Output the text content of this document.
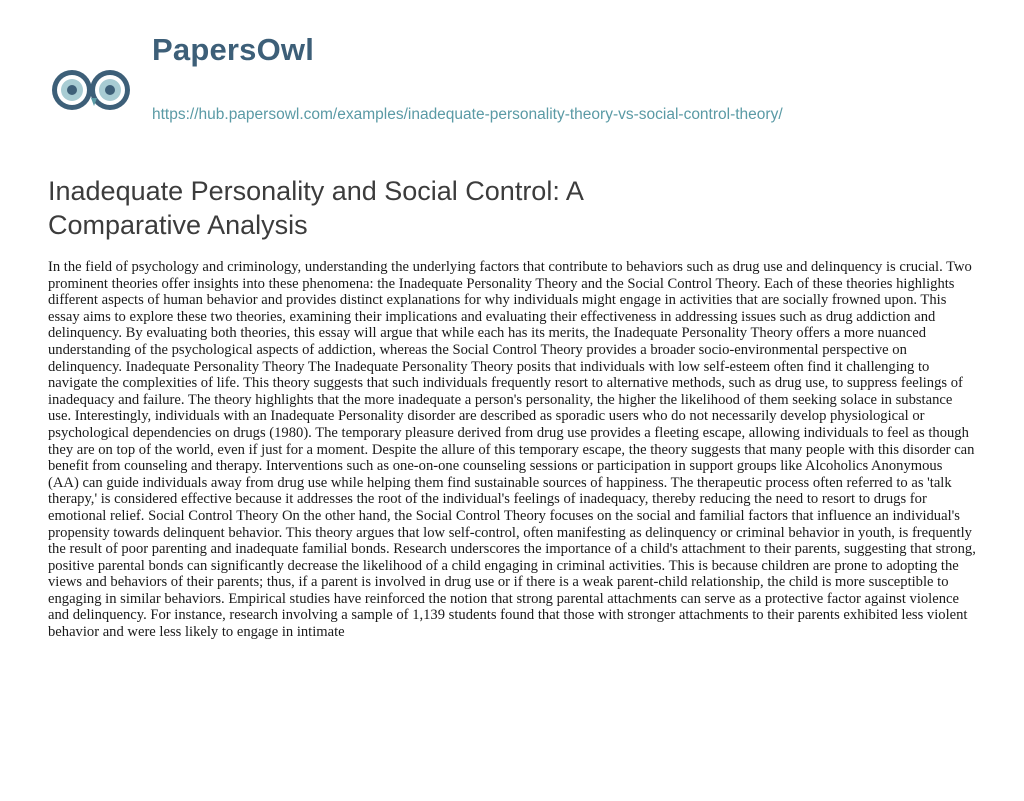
PapersOwl
https://hub.papersowl.com/examples/inadequate-personality-theory-vs-social-control-theory/
Inadequate Personality and Social Control: A Comparative Analysis

In the field of psychology and criminology, understanding the underlying factors that contribute to behaviors such as drug use and delinquency is crucial. Two prominent theories offer insights into these phenomena: the Inadequate Personality Theory and the Social Control Theory. Each of these theories highlights different aspects of human behavior and provides distinct explanations for why individuals might engage in activities that are socially frowned upon. This essay aims to explore these two theories, examining their implications and evaluating their effectiveness in addressing issues such as drug addiction and delinquency. By evaluating both theories, this essay will argue that while each has its merits, the Inadequate Personality Theory offers a more nuanced understanding of the psychological aspects of addiction, whereas the Social Control Theory provides a broader socio-environmental perspective on delinquency. Inadequate Personality Theory The Inadequate Personality Theory posits that individuals with low self-esteem often find it challenging to navigate the complexities of life. This theory suggests that such individuals frequently resort to alternative methods, such as drug use, to suppress feelings of inadequacy and failure. The theory highlights that the more inadequate a person's personality, the higher the likelihood of them seeking solace in substance use. Interestingly, individuals with an Inadequate Personality disorder are described as sporadic users who do not necessarily develop physiological or psychological dependencies on drugs (1980). The temporary pleasure derived from drug use provides a fleeting escape, allowing individuals to feel as though they are on top of the world, even if just for a moment. Despite the allure of this temporary escape, the theory suggests that many people with this disorder can benefit from counseling and therapy. Interventions such as one-on-one counseling sessions or participation in support groups like Alcoholics Anonymous (AA) can guide individuals away from drug use while helping them find sustainable sources of happiness. The therapeutic process often referred to as 'talk therapy,' is considered effective because it addresses the root of the individual's feelings of inadequacy, thereby reducing the need to resort to drugs for emotional relief. Social Control Theory On the other hand, the Social Control Theory focuses on the social and familial factors that influence an individual's propensity towards delinquent behavior. This theory argues that low self-control, often manifesting as delinquency or criminal behavior in youth, is frequently the result of poor parenting and inadequate familial bonds. Research underscores the importance of a child's attachment to their parents, suggesting that strong, positive parental bonds can significantly decrease the likelihood of a child engaging in criminal activities. This is because children are prone to adopting the views and behaviors of their parents; thus, if a parent is involved in drug use or if there is a weak parent-child relationship, the child is more susceptible to engaging in similar behaviors. Empirical studies have reinforced the notion that strong parental attachments can serve as a protective factor against violence and delinquency. For instance, research involving a sample of 1,139 students found that those with stronger attachments to their parents exhibited less violent behavior and were less likely to engage in intimate
